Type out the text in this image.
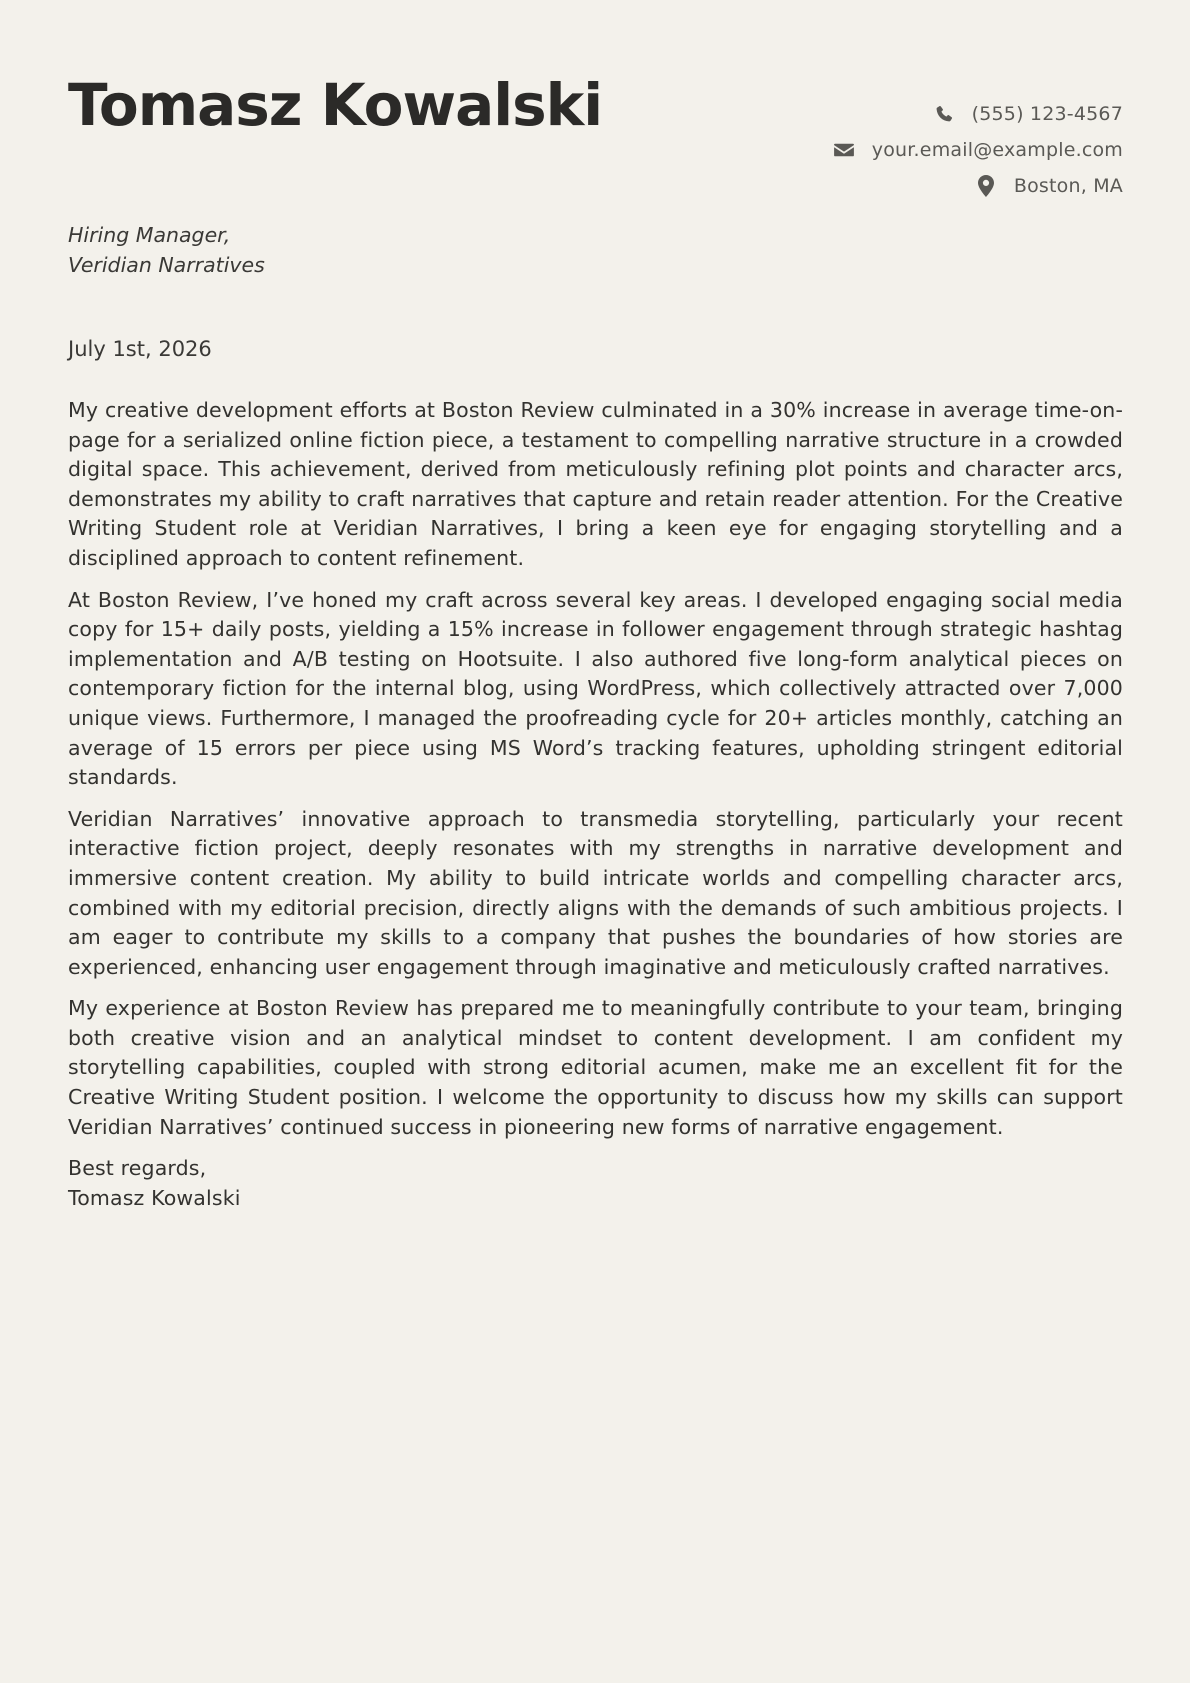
Tomasz Kowalski	(555) 123-4567
your.email@example.com
Boston, MA
Hiring Manager,
Veridian Narratives
July 1st, 2026

My creative development efforts at Boston Review culminated in a 30% increase in average time-on-page for a serialized online fiction piece, a testament to compelling narrative structure in a crowded digital space. This achievement, derived from meticulously refining plot points and character arcs, demonstrates my ability to craft narratives that capture and retain reader attention. For the Creative Writing Student role at Veridian Narratives, I bring a keen eye for engaging storytelling and a disciplined approach to content refinement.

At Boston Review, I’ve honed my craft across several key areas. I developed engaging social media copy for 15+ daily posts, yielding a 15% increase in follower engagement through strategic hashtag implementation and A/B testing on Hootsuite. I also authored five long-form analytical pieces on contemporary fiction for the internal blog, using WordPress, which collectively attracted over 7,000 unique views. Furthermore, I managed the proofreading cycle for 20+ articles monthly, catching an average of 15 errors per piece using MS Word’s tracking features, upholding stringent editorial standards.

Veridian Narratives’ innovative approach to transmedia storytelling, particularly your recent interactive fiction project, deeply resonates with my strengths in narrative development and immersive content creation. My ability to build intricate worlds and compelling character arcs, combined with my editorial precision, directly aligns with the demands of such ambitious projects. I am eager to contribute my skills to a company that pushes the boundaries of how stories are experienced, enhancing user engagement through imaginative and meticulously crafted narratives.

My experience at Boston Review has prepared me to meaningfully contribute to your team, bringing both creative vision and an analytical mindset to content development. I am confident my storytelling capabilities, coupled with strong editorial acumen, make me an excellent fit for the Creative Writing Student position. I welcome the opportunity to discuss how my skills can support Veridian Narratives’ continued success in pioneering new forms of narrative engagement.

Best regards,
Tomasz Kowalski
